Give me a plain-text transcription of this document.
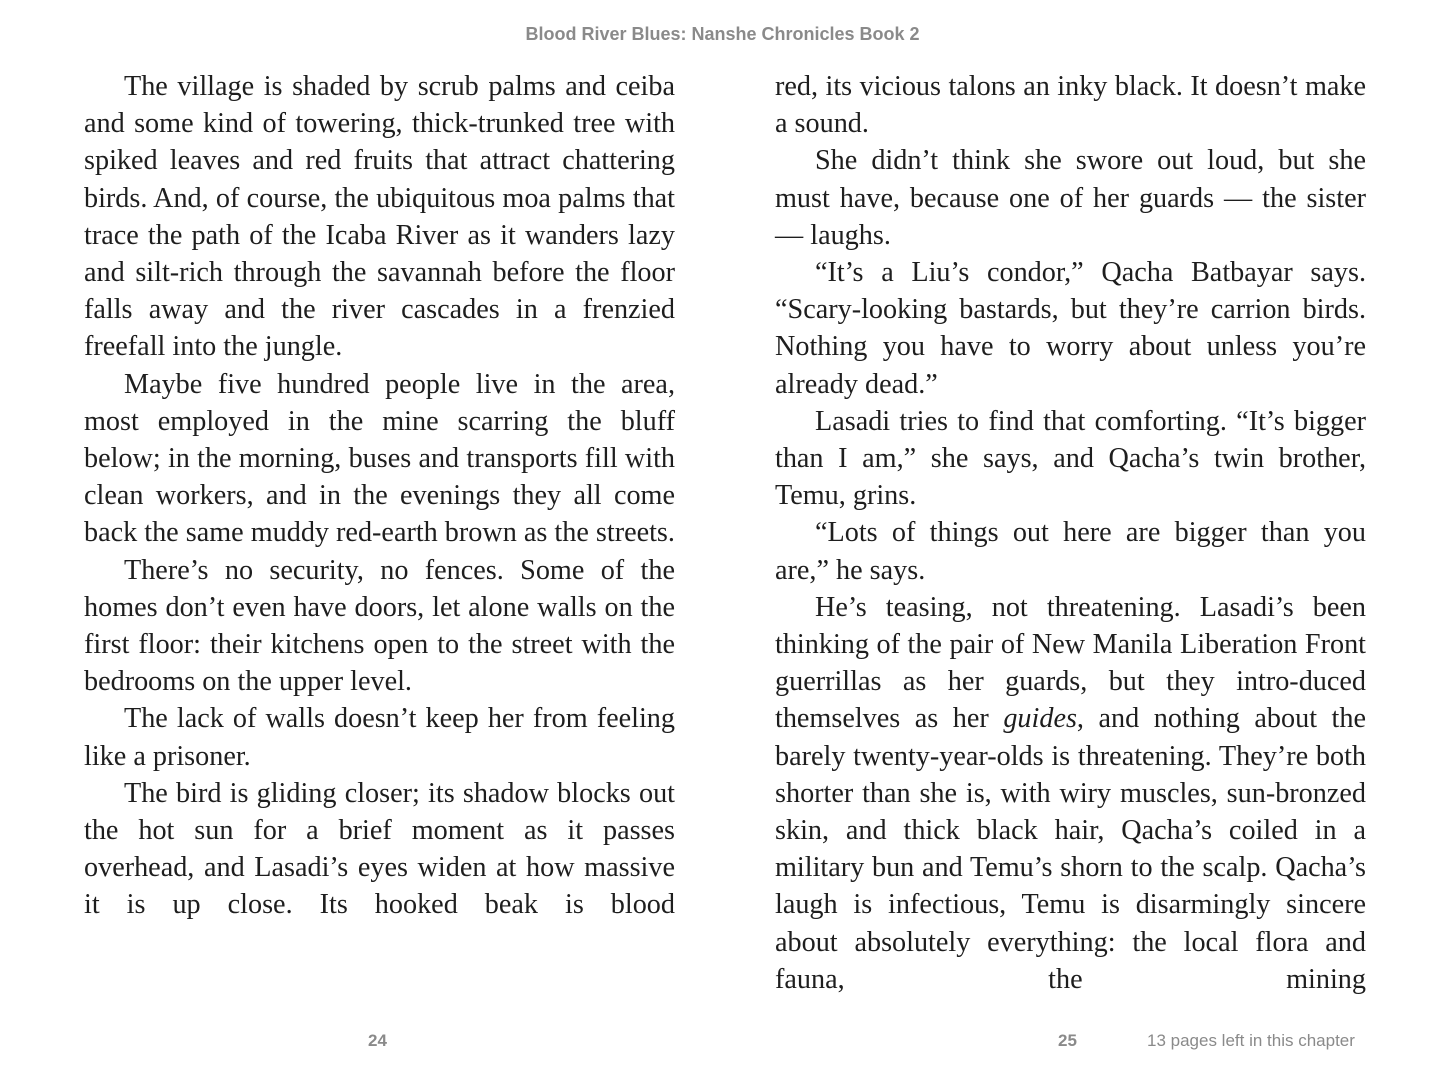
Blood River Blues: Nanshe Chronicles Book 2

The village is shaded by scrub palms and ceiba and some kind of towering, thick-trunked tree with spiked leaves and red fruits that attract chattering birds. And, of course, the ubiquitous moa palms that trace the path of the Icaba River as it wanders lazy and silt-rich through the savannah before the floor falls away and the river cascades in a frenzied freefall into the jungle.

Maybe five hundred people live in the area, most employed in the mine scarring the bluff below; in the morning, buses and transports fill with clean workers, and in the evenings they all come back the same muddy red-earth brown as the streets.

There’s no security, no fences. Some of the homes don’t even have doors, let alone walls on the first floor: their kitchens open to the street with the bedrooms on the upper level.

The lack of walls doesn’t keep her from feeling like a prisoner.

The bird is gliding closer; its shadow blocks out the hot sun for a brief moment as it passes overhead, and Lasadi’s eyes widen at how massive it is up close. Its hooked beak is blood

red, its vicious talons an inky black. It doesn’t make a sound.

She didn’t think she swore out loud, but she must have, because one of her guards — the sister — laughs.

“It’s a Liu’s condor,” Qacha Batbayar says. “Scary-looking bastards, but they’re carrion birds. Nothing you have to worry about unless you’re already dead.”

Lasadi tries to find that comforting. “It’s bigger than I am,” she says, and Qacha’s twin brother, Temu, grins.

“Lots of things out here are bigger than you are,” he says.

He’s teasing, not threatening. Lasadi’s been thinking of the pair of New Manila Liberation Front guerrillas as her guards, but they intro-duced themselves as her guides, and nothing about the barely twenty-year-olds is threatening. They’re both shorter than she is, with wiry muscles, sun-bronzed skin, and thick black hair, Qacha’s coiled in a military bun and Temu’s shorn to the scalp. Qacha’s laugh is infectious, Temu is disarmingly sincere about absolutely everything: the local flora and fauna, the mining

24	25	13 pages left in this chapter
